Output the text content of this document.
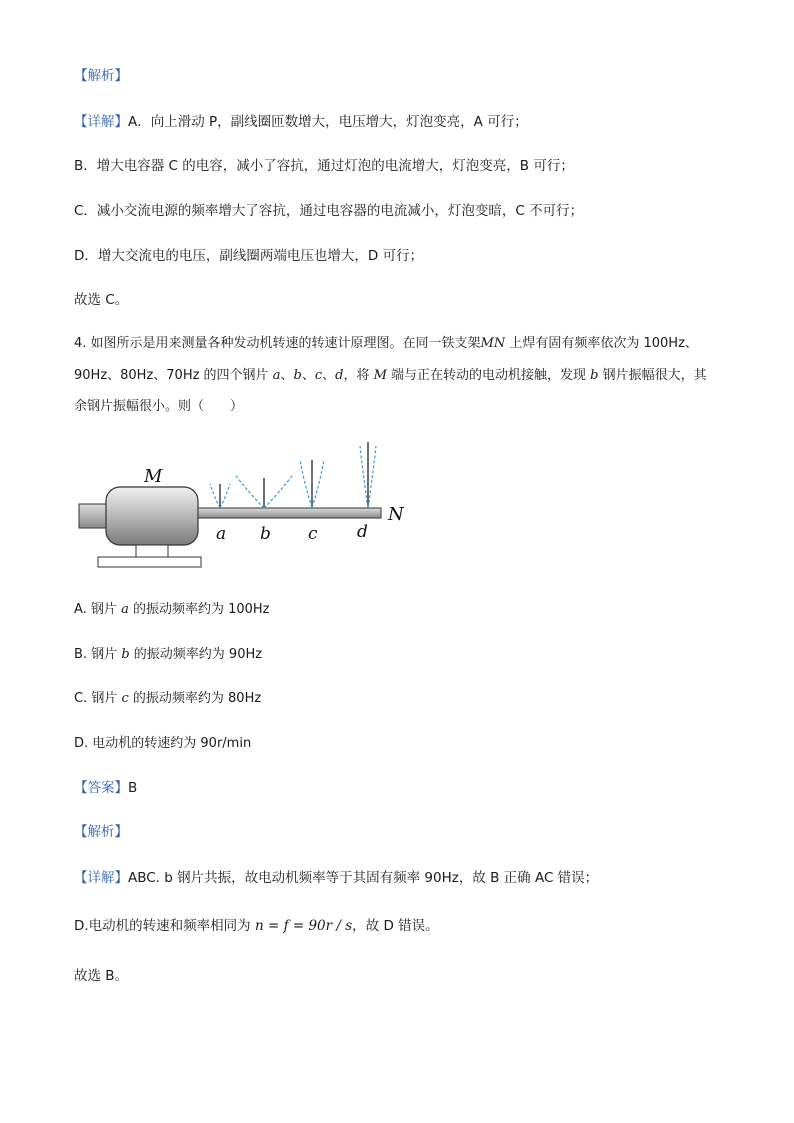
【解析】
【详解】A．向上滑动 P，副线圈匝数增大，电压增大，灯泡变亮，A 可行；
B．增大电容器 C 的电容，减小了容抗，通过灯泡的电流增大，灯泡变亮，B 可行；
C．减小交流电源的频率增大了容抗，通过电容器的电流减小，灯泡变暗，C 不可行；
D．增大交流电的电压，副线圈两端电压也增大，D 可行；
故选 C。
4. 如图所示是用来测量各种发动机转速的转速计原理图。在同一铁支架MN 上焊有固有频率依次为 100Hz、
90Hz、80Hz、70Hz 的四个钢片 a、b、c、d，将 M 端与正在转动的电动机接触，发现 b 钢片振幅很大，其
余钢片振幅很小。则（　　）
M
N
a b c d
A. 钢片 a 的振动频率约为 100Hz
B. 钢片 b 的振动频率约为 90Hz
C. 钢片 c 的振动频率约为 80Hz
D. 电动机的转速约为 90r/min
【答案】B
【解析】
【详解】ABC. b 钢片共振，故电动机频率等于其固有频率 90Hz，故 B 正确 AC 错误；
D.电动机的转速和频率相同为 n = f = 90r / s，故 D 错误。
故选 B。
